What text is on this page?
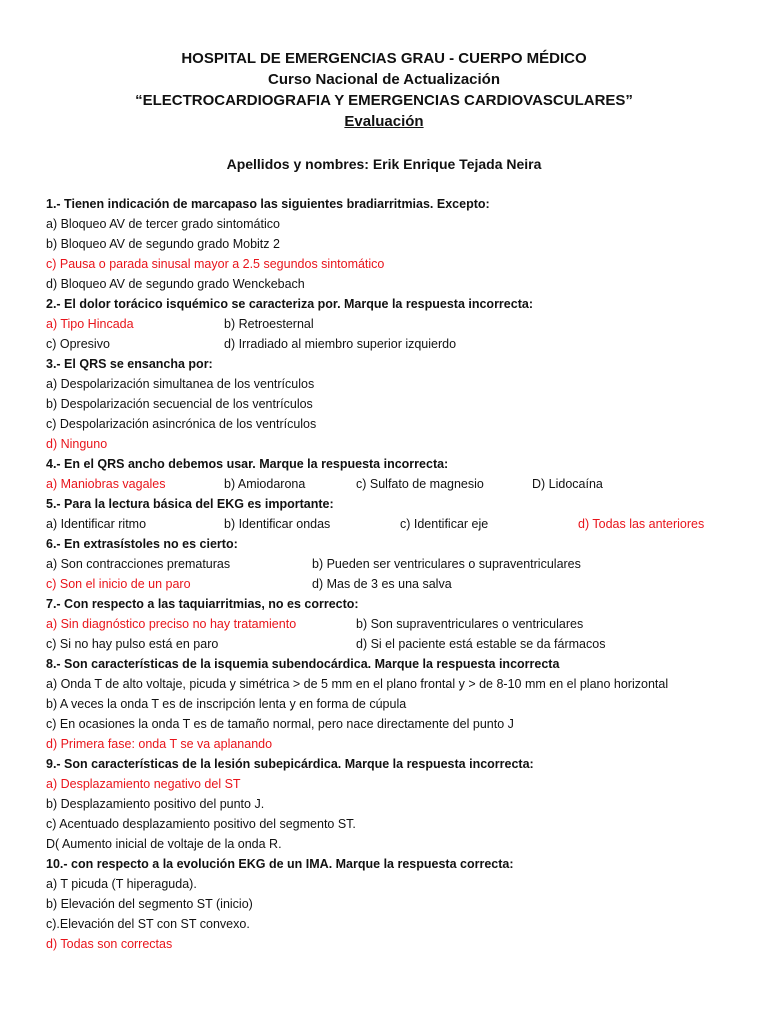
HOSPITAL DE EMERGENCIAS GRAU - CUERPO MÉDICO
Curso Nacional de Actualización
“ELECTROCARDIOGRAFIA Y EMERGENCIAS CARDIOVASCULARES”
Evaluación
Apellidos y nombres: Erik Enrique Tejada Neira
1.- Tienen indicación de marcapaso las siguientes bradiarritmias. Excepto:
a) Bloqueo AV de tercer grado sintomático
b) Bloqueo AV de segundo grado Mobitz 2
c) Pausa o parada sinusal mayor a 2.5 segundos sintomático
d) Bloqueo AV de segundo grado Wenckebach
2.- El dolor torácico isquémico se caracteriza por. Marque la respuesta incorrecta:
a) Tipo Hincada	b) Retroesternal
c) Opresivo	d) Irradiado al miembro superior izquierdo
3.- El QRS se ensancha por:
a) Despolarización simultanea de los ventrículos
b) Despolarización secuencial de los ventrículos
c) Despolarización asincrónica de los ventrículos
d) Ninguno
4.- En el QRS ancho debemos usar. Marque la respuesta incorrecta:
a) Maniobras vagales	b) Amiodarona	c) Sulfato de magnesio	D) Lidocaína
5.- Para la lectura básica del EKG es importante:
a) Identificar ritmo	b) Identificar ondas	c) Identificar eje	d) Todas las anteriores
6.- En extrasístoles no es cierto:
a) Son contracciones prematuras	b) Pueden ser ventriculares o supraventriculares
c) Son el inicio de un paro	d) Mas de 3 es una salva
7.- Con respecto a las taquiarritmias, no es correcto:
a) Sin diagnóstico preciso no hay tratamiento	b) Son supraventriculares o ventriculares
c) Si no hay pulso está en paro	d) Si el paciente está estable se da fármacos
8.- Son características de la isquemia subendocárdica. Marque la respuesta incorrecta
a) Onda T de alto voltaje, picuda y simétrica > de 5 mm en el plano frontal y > de 8-10 mm en el plano horizontal
b) A veces la onda T es de inscripción lenta y en forma de cúpula
c) En ocasiones la onda T es de tamaño normal, pero nace directamente del punto J
d) Primera fase: onda T se va aplanando
9.- Son características de la lesión subepicárdica. Marque la respuesta incorrecta:
a) Desplazamiento negativo del ST
b) Desplazamiento positivo del punto J.
c) Acentuado desplazamiento positivo del segmento ST.
D( Aumento inicial de voltaje de la onda R.
10.- con respecto a la evolución EKG de un IMA. Marque la respuesta correcta:
a) T picuda (T hiperaguda).
b) Elevación del segmento ST (inicio)
c).Elevación del ST con ST convexo.
d) Todas son correctas
